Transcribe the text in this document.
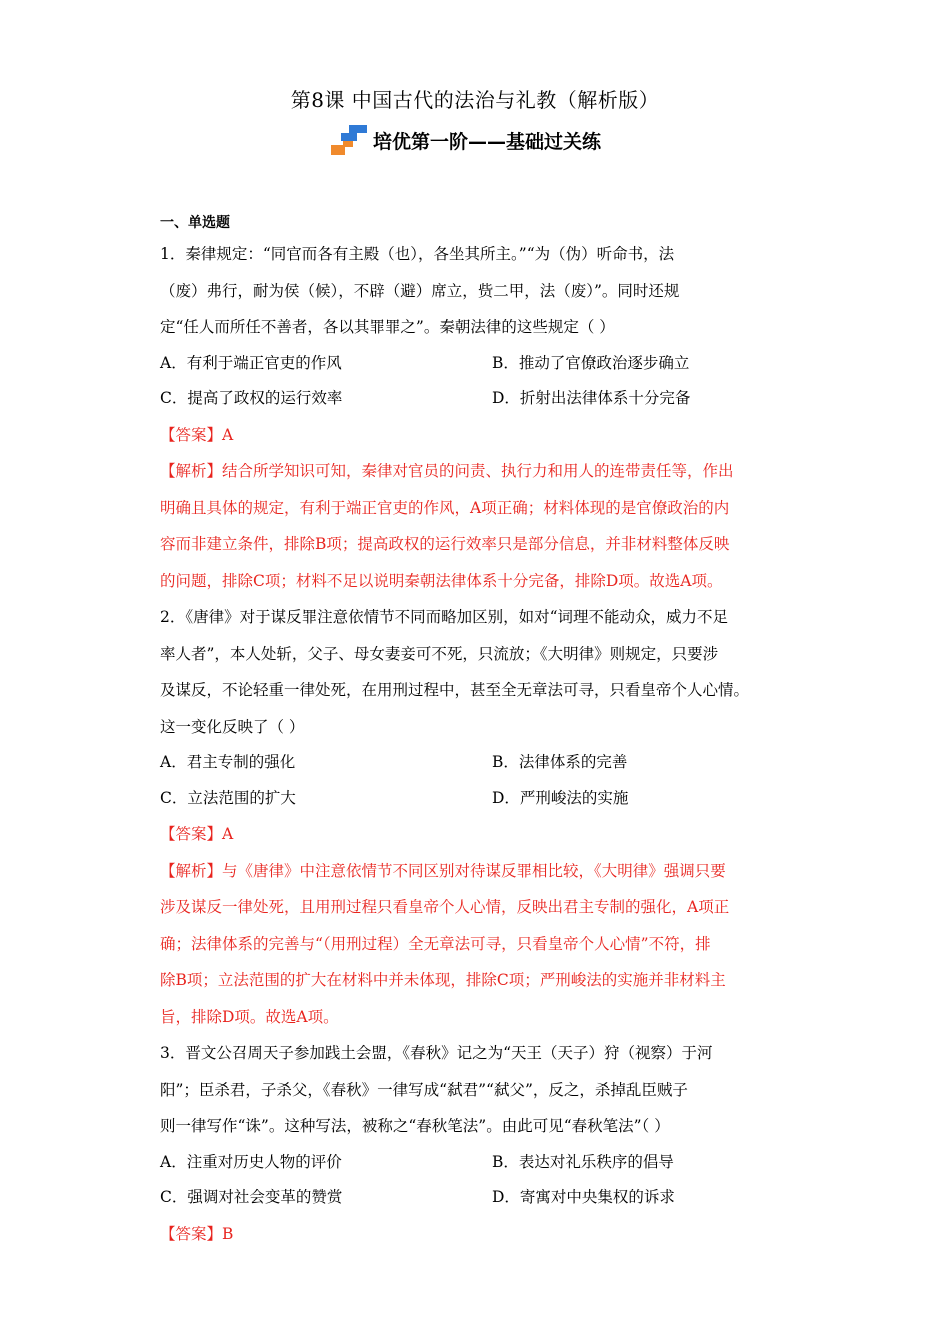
第8课 中国古代的法治与礼教（解析版）
培优第一阶——基础过关练
一、单选题
1．秦律规定：“同官而各有主殿（也），各坐其所主。”“为（伪）听命书，法
（废）弗行，耐为侯（候），不辟（避）席立，赀二甲，法（废）”。同时还规
定“任人而所任不善者，各以其罪罪之”。秦朝法律的这些规定（ ）
A．有利于端正官吏的作风	B．推动了官僚政治逐步确立
C．提高了政权的运行效率	D．折射出法律体系十分完备
【答案】A
【解析】结合所学知识可知，秦律对官员的问责、执行力和用人的连带责任等，作出
明确且具体的规定，有利于端正官吏的作风，A项正确；材料体现的是官僚政治的内
容而非建立条件，排除B项；提高政权的运行效率只是部分信息，并非材料整体反映
的问题，排除C项；材料不足以说明秦朝法律体系十分完备，排除D项。故选A项。
2．《唐律》对于谋反罪注意依情节不同而略加区别，如对“词理不能动众，威力不足
率人者”，本人处斩，父子、母女妻妾可不死，只流放；《大明律》则规定，只要涉
及谋反，不论轻重一律处死，在用刑过程中，甚至全无章法可寻，只看皇帝个人心情。
这一变化反映了（ ）
A．君主专制的强化	B．法律体系的完善
C．立法范围的扩大	D．严刑峻法的实施
【答案】A
【解析】与《唐律》中注意依情节不同区别对待谋反罪相比较，《大明律》强调只要
涉及谋反一律处死，且用刑过程只看皇帝个人心情，反映出君主专制的强化，A项正
确；法律体系的完善与“（用刑过程）全无章法可寻，只看皇帝个人心情”不符，排
除B项；立法范围的扩大在材料中并未体现，排除C项；严刑峻法的实施并非材料主
旨，排除D项。故选A项。
3．晋文公召周天子参加践土会盟，《春秋》记之为“天王（天子）狩（视察）于河
阳”；臣杀君，子杀父，《春秋》一律写成“弑君”“弑父”，反之，杀掉乱臣贼子
则一律写作“诛”。这种写法，被称之“春秋笔法”。由此可见“春秋笔法”（ ）
A．注重对历史人物的评价	B．表达对礼乐秩序的倡导
C．强调对社会变革的赞赏	D．寄寓对中央集权的诉求
【答案】B
